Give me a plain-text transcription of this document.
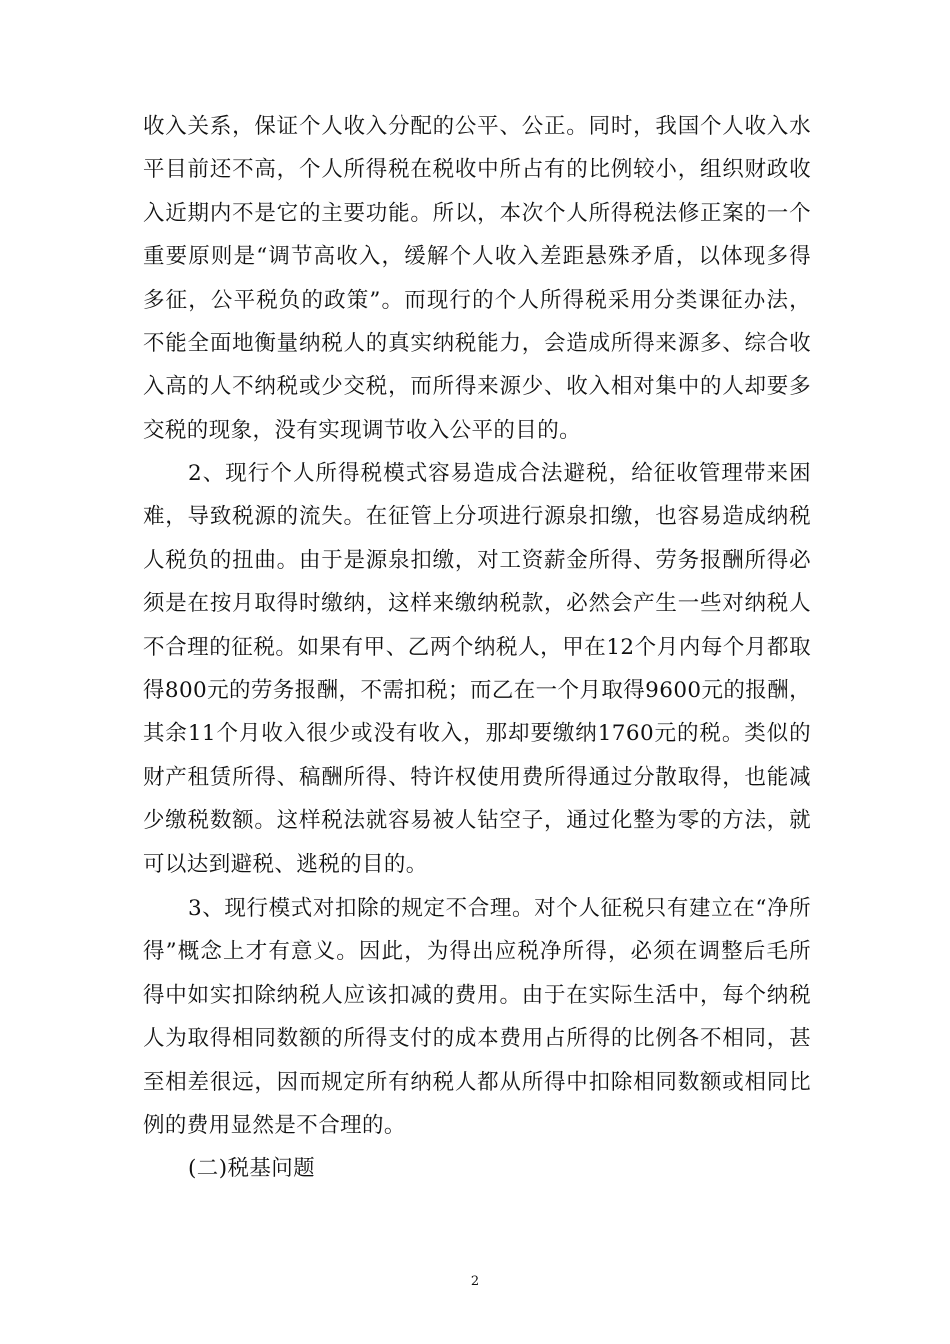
收入关系，保证个人收入分配的公平、公正。同时，我国个人收入水平目前还不高，个人所得税在税收中所占有的比例较小，组织财政收入近期内不是它的主要功能。所以，本次个人所得税法修正案的一个重要原则是“调节高收入，缓解个人收入差距悬殊矛盾，以体现多得多征，公平税负的政策”。而现行的个人所得税采用分类课征办法，不能全面地衡量纳税人的真实纳税能力，会造成所得来源多、综合收入高的人不纳税或少交税，而所得来源少、收入相对集中的人却要多交税的现象，没有实现调节收入公平的目的。

2、现行个人所得税模式容易造成合法避税，给征收管理带来困难，导致税源的流失。在征管上分项进行源泉扣缴，也容易造成纳税人税负的扭曲。由于是源泉扣缴，对工资薪金所得、劳务报酬所得必须是在按月取得时缴纳，这样来缴纳税款，必然会产生一些对纳税人不合理的征税。如果有甲、乙两个纳税人，甲在12个月内每个月都取得800元的劳务报酬，不需扣税；而乙在一个月取得9600元的报酬，其余11个月收入很少或没有收入，那却要缴纳1760元的税。类似的财产租赁所得、稿酬所得、特许权使用费所得通过分散取得，也能减少缴税数额。这样税法就容易被人钻空子，通过化整为零的方法，就可以达到避税、逃税的目的。

3、现行模式对扣除的规定不合理。对个人征税只有建立在“净所得”概念上才有意义。因此，为得出应税净所得，必须在调整后毛所得中如实扣除纳税人应该扣减的费用。由于在实际生活中，每个纳税人为取得相同数额的所得支付的成本费用占所得的比例各不相同，甚至相差很远，因而规定所有纳税人都从所得中扣除相同数额或相同比例的费用显然是不合理的。

(二)税基问题

2
